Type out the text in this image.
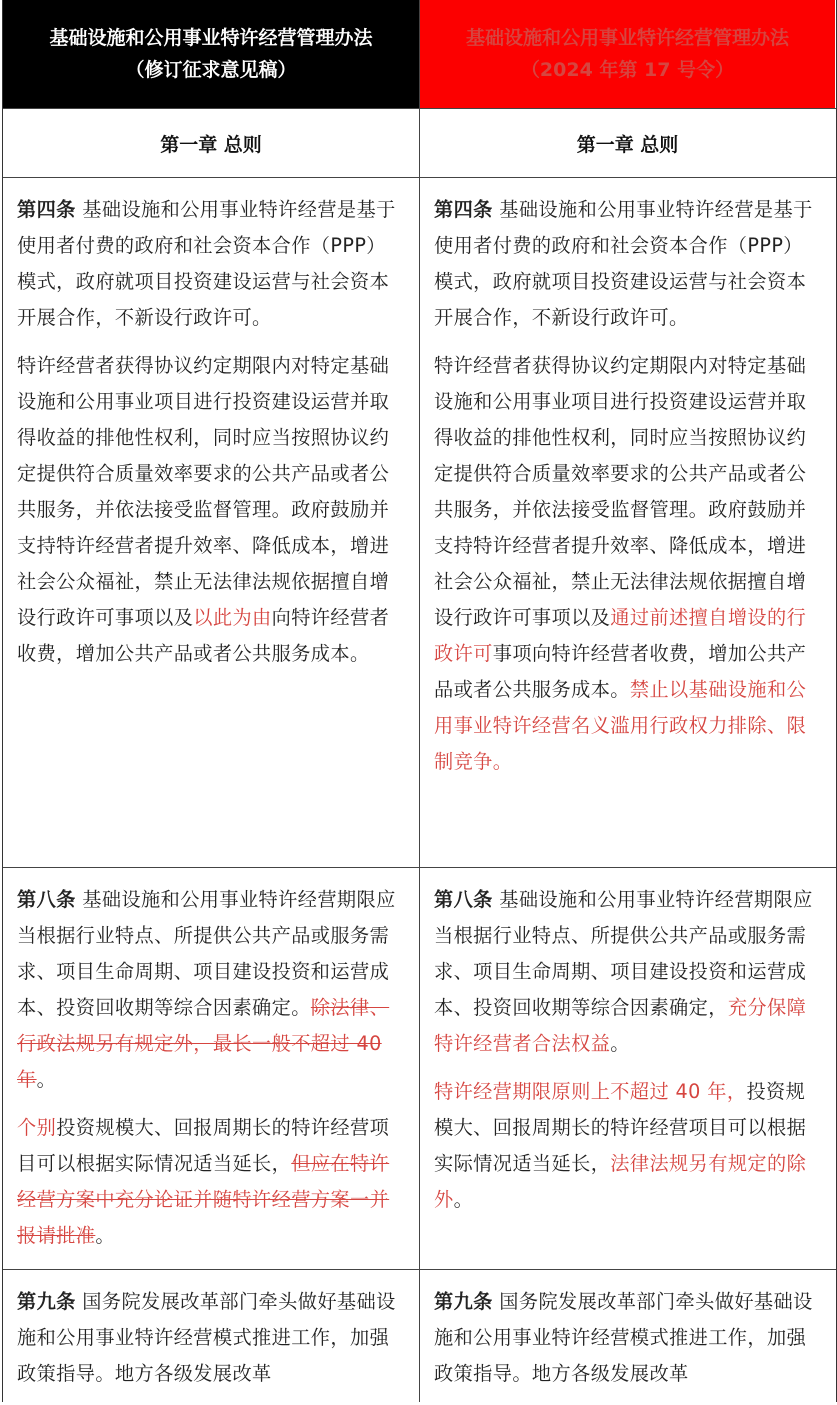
基础设施和公用事业特许经营管理办法
（修订征求意见稿）
基础设施和公用事业特许经营管理办法
（2024 年第 17 号令）
第一章 总则	第一章 总则

第四条 基础设施和公用事业特许经营是基于使用者付费的政府和社会资本合作（PPP）模式，政府就项目投资建设运营与社会资本开展合作，不新设行政许可。

特许经营者获得协议约定期限内对特定基础设施和公用事业项目进行投资建设运营并取得收益的排他性权利，同时应当按照协议约定提供符合质量效率要求的公共产品或者公共服务，并依法接受监督管理。政府鼓励并支持特许经营者提升效率、降低成本，增进社会公众福祉，禁止无法律法规依据擅自增设行政许可事项以及以此为由向特许经营者收费，增加公共产品或者公共服务成本。

第四条 基础设施和公用事业特许经营是基于使用者付费的政府和社会资本合作（PPP）模式，政府就项目投资建设运营与社会资本开展合作，不新设行政许可。

特许经营者获得协议约定期限内对特定基础设施和公用事业项目进行投资建设运营并取得收益的排他性权利，同时应当按照协议约定提供符合质量效率要求的公共产品或者公共服务，并依法接受监督管理。政府鼓励并支持特许经营者提升效率、降低成本，增进社会公众福祉，禁止无法律法规依据擅自增设行政许可事项以及通过前述擅自增设的行政许可事项向特许经营者收费，增加公共产品或者公共服务成本。禁止以基础设施和公用事业特许经营名义滥用行政权力排除、限制竞争。

第八条 基础设施和公用事业特许经营期限应当根据行业特点、所提供公共产品或服务需求、项目生命周期、项目建设投资和运营成本、投资回收期等综合因素确定。除法律、行政法规另有规定外，最长一般不超过 40 年。

个别投资规模大、回报周期长的特许经营项目可以根据实际情况适当延长，但应在特许经营方案中充分论证并随特许经营方案一并报请批准。

第八条 基础设施和公用事业特许经营期限应当根据行业特点、所提供公共产品或服务需求、项目生命周期、项目建设投资和运营成本、投资回收期等综合因素确定，充分保障特许经营者合法权益。

特许经营期限原则上不超过 40 年，投资规模大、回报周期长的特许经营项目可以根据实际情况适当延长，法律法规另有规定的除外。

第九条 国务院发展改革部门牵头做好基础设施和公用事业特许经营模式推进工作，加强政策指导。地方各级发展改革

第九条 国务院发展改革部门牵头做好基础设施和公用事业特许经营模式推进工作，加强政策指导。地方各级发展改革
